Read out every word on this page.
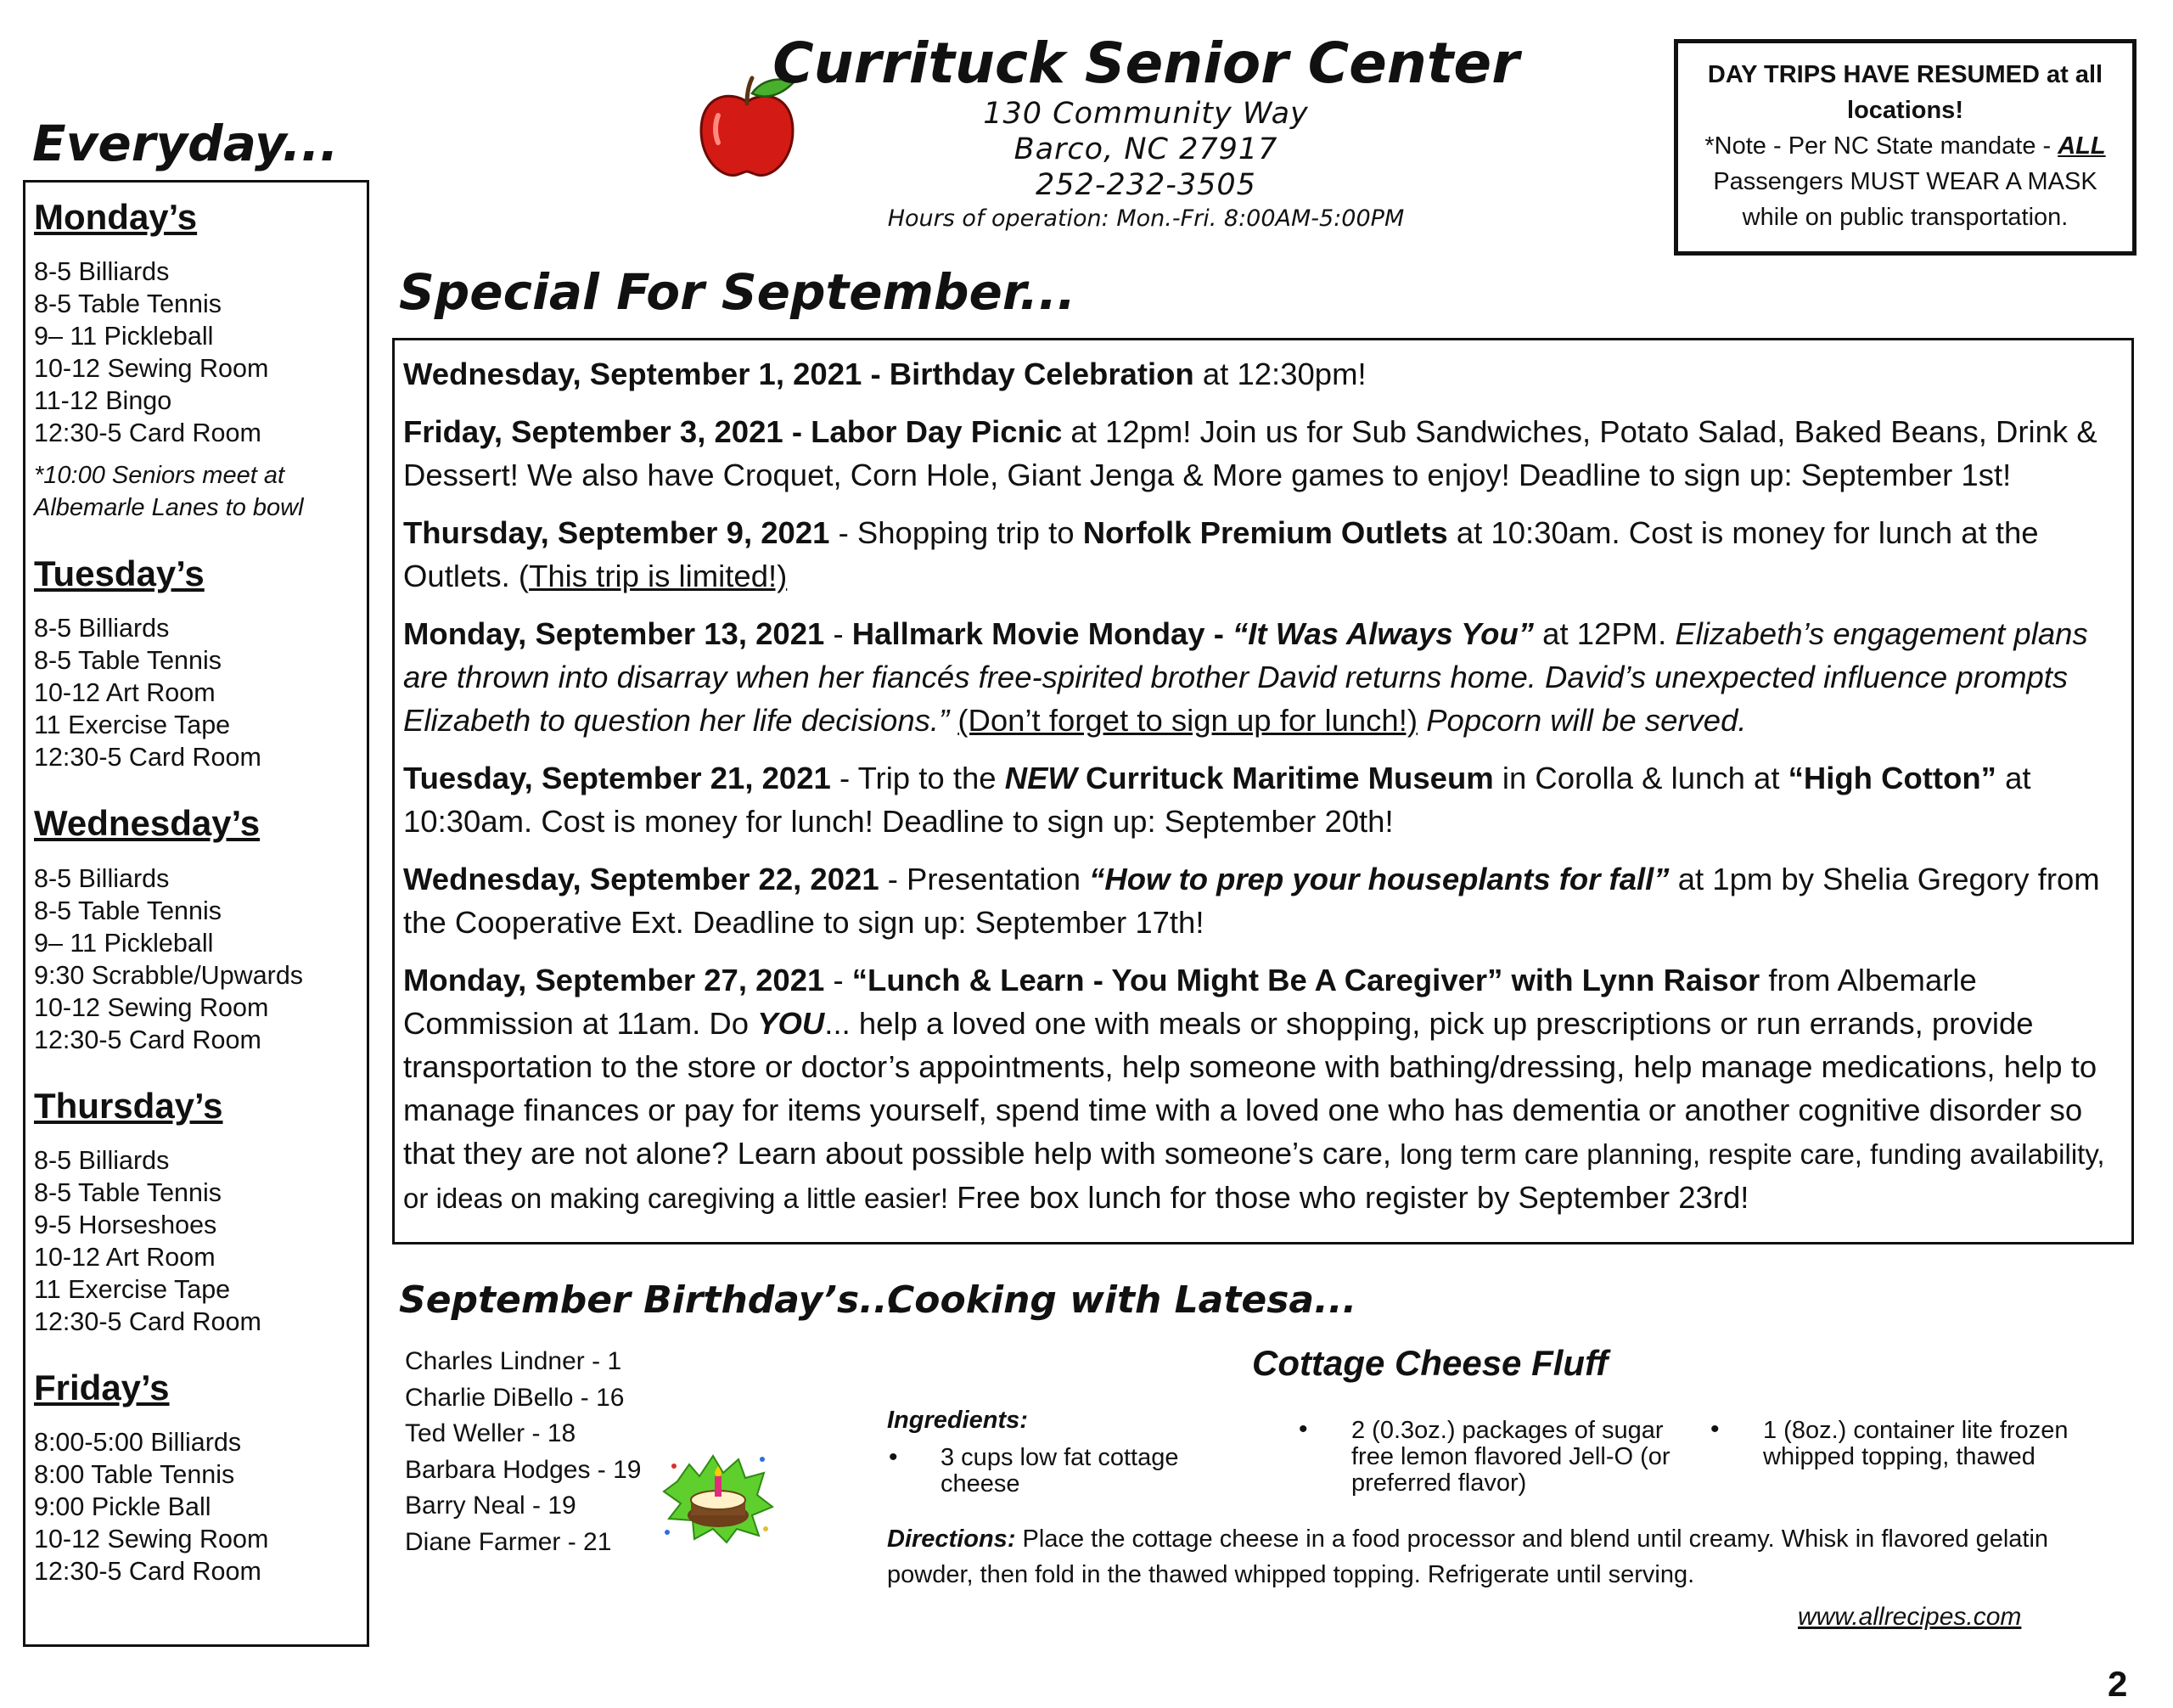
Everyday...
Monday’s
8-5 Billiards
8-5 Table Tennis
9– 11 Pickleball
10-12 Sewing Room
11-12 Bingo
12:30-5 Card Room
*10:00 Seniors meet at Albemarle Lanes to bowl
Tuesday’s
8-5 Billiards
8-5 Table Tennis
10-12 Art Room
11 Exercise Tape
12:30-5 Card Room
Wednesday’s
8-5 Billiards
8-5 Table Tennis
9– 11 Pickleball
9:30 Scrabble/Upwards
10-12 Sewing Room
12:30-5 Card Room
Thursday’s
8-5 Billiards
8-5 Table Tennis
9-5 Horseshoes
10-12 Art Room
11 Exercise Tape
12:30-5 Card Room
Friday’s
8:00-5:00 Billiards
8:00 Table Tennis
9:00 Pickle Ball
10-12 Sewing Room
12:30-5 Card Room
Currituck Senior Center
130 Community Way
Barco, NC 27917
252-232-3505
Hours of operation: Mon.-Fri. 8:00AM-5:00PM
DAY TRIPS HAVE RESUMED at all locations!
*Note - Per NC State mandate - ALL Passengers MUST WEAR A MASK while on public transportation.
Special For September...

Wednesday, September 1, 2021 - Birthday Celebration at 12:30pm!

Friday, September 3, 2021 - Labor Day Picnic at 12pm! Join us for Sub Sandwiches, Potato Salad, Baked Beans, Drink & Dessert! We also have Croquet, Corn Hole, Giant Jenga & More games to enjoy! Deadline to sign up: September 1st!

Thursday, September 9, 2021 - Shopping trip to Norfolk Premium Outlets at 10:30am. Cost is money for lunch at the Outlets. (This trip is limited!)

Monday, September 13, 2021 - Hallmark Movie Monday - “It Was Always You” at 12PM. Elizabeth’s engagement plans are thrown into disarray when her fiancés free-spirited brother David returns home. David’s unexpected influence prompts Elizabeth to question her life decisions.” (Don’t forget to sign up for lunch!) Popcorn will be served.

Tuesday, September 21, 2021 - Trip to the NEW Currituck Maritime Museum in Corolla & lunch at “High Cotton” at 10:30am. Cost is money for lunch! Deadline to sign up: September 20th!

Wednesday, September 22, 2021 - Presentation “How to prep your houseplants for fall” at 1pm by Shelia Gregory from the Cooperative Ext. Deadline to sign up: September 17th!

Monday, September 27, 2021 - “Lunch & Learn - You Might Be A Caregiver” with Lynn Raisor from Albemarle Commission at 11am. Do YOU... help a loved one with meals or shopping, pick up prescriptions or run errands, provide transportation to the store or doctor’s appointments, help someone with bathing/dressing, help manage medications, help to manage finances or pay for items yourself, spend time with a loved one who has dementia or another cognitive disorder so that they are not alone? Learn about possible help with someone’s care, long term care planning, respite care, funding availability, or ideas on making caregiving a little easier! Free box lunch for those who register by September 23rd!

September Birthday’s...
Charles Lindner - 1
Charlie DiBello - 16
Ted Weller - 18
Barbara Hodges - 19
Barry Neal - 19
Diane Farmer - 21
Cooking with Latesa...
Cottage Cheese Fluff
Ingredients:
• 3 cups low fat cottage cheese
• 2 (0.3oz.) packages of sugar free lemon flavored Jell-O (or preferred flavor)
• 1 (8oz.) container lite frozen whipped topping, thawed
Directions: Place the cottage cheese in a food processor and blend until creamy. Whisk in flavored gelatin powder, then fold in the thawed whipped topping. Refrigerate until serving.
www.allrecipes.com
2
